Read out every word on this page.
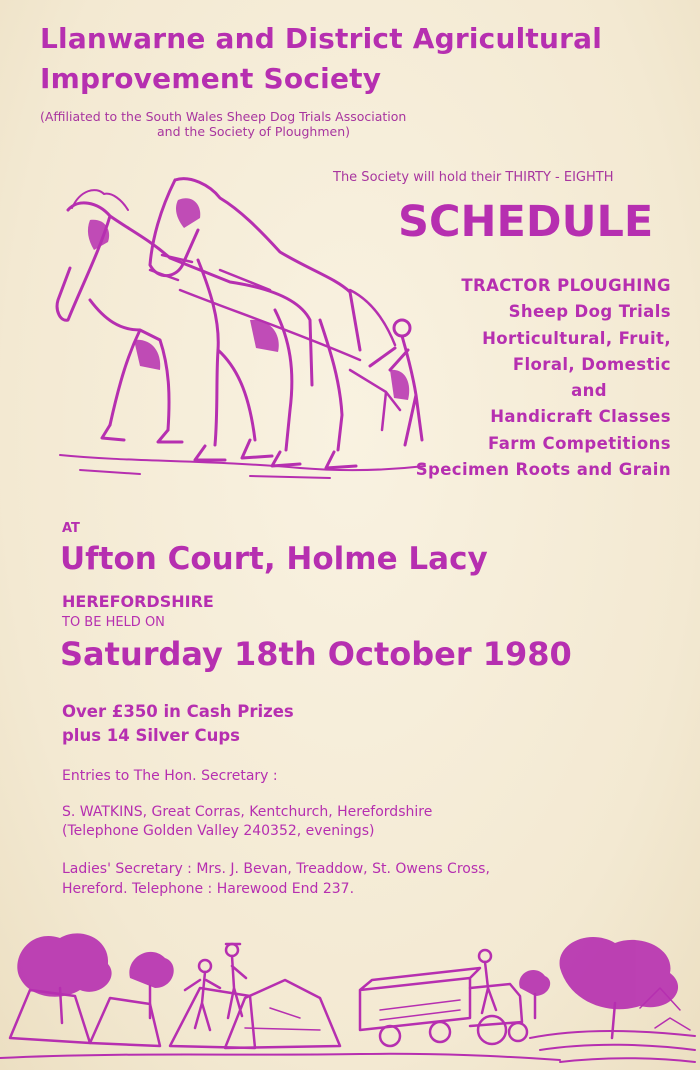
Llanwarne and District Agricultural
Improvement Society
(Affiliated to the South Wales Sheep Dog Trials Association
and the Society of Ploughmen)
The Society will hold their THIRTY - EIGHTH
SCHEDULE
TRACTOR PLOUGHING
Sheep Dog Trials
Horticultural, Fruit,
Floral, Domestic
and
Handicraft Classes
Farm Competitions
Specimen Roots and Grain
AT
Ufton Court, Holme Lacy
HEREFORDSHIRE
TO BE HELD ON
Saturday 18th October 1980
Over £350 in Cash Prizes
plus 14 Silver Cups
Entries to The Hon. Secretary :
S. WATKINS, Great Corras, Kentchurch, Herefordshire
(Telephone Golden Valley 240352, evenings)
Ladies' Secretary : Mrs. J. Bevan, Treaddow, St. Owens Cross,
Hereford. Telephone : Harewood End 237.
